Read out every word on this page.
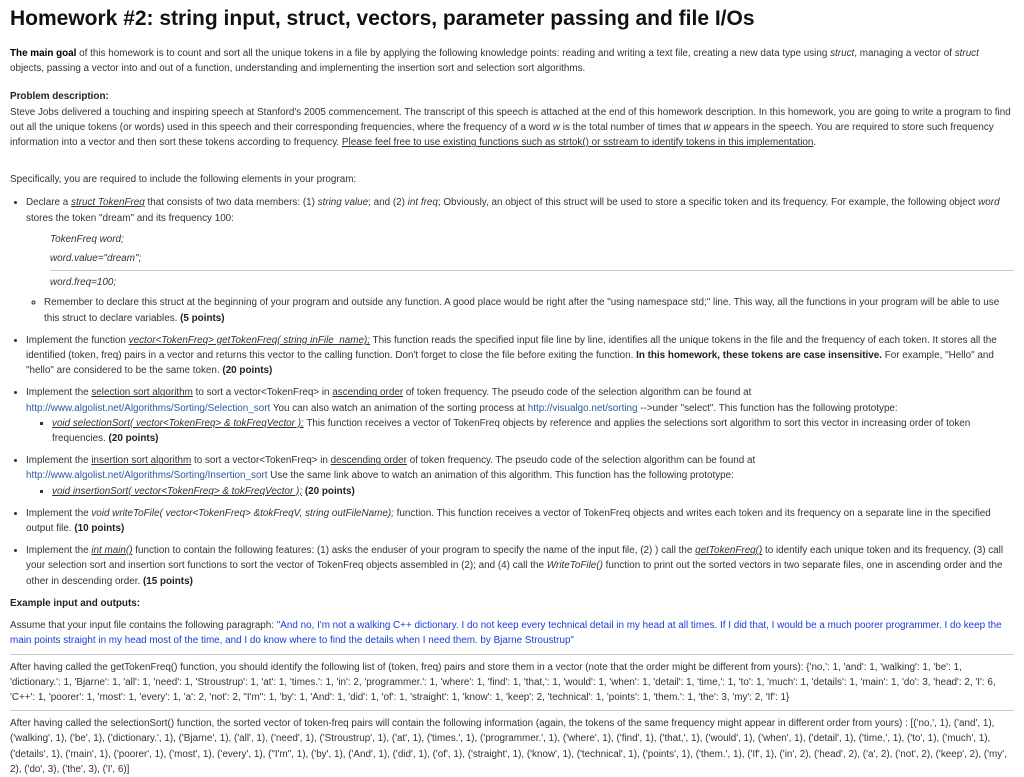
Homework #2: string input, struct, vectors, parameter passing and file I/Os

The main goal of this homework is to count and sort all the unique tokens in a file by applying the following knowledge points: reading and writing a text file, creating a new data type using struct, managing a vector of struct objects, passing a vector into and out of a function, understanding and implementing the insertion sort and selection sort algorithms.

Problem description:

Steve Jobs delivered a touching and inspiring speech at Stanford's 2005 commencement. The transcript of this speech is attached at the end of this homework description. In this homework, you are going to write a program to find out all the unique tokens (or words) used in this speech and their corresponding frequencies, where the frequency of a word w is the total number of times that w appears in the speech. You are required to store such frequency information into a vector and then sort these tokens according to frequency. Please feel free to use existing functions such as strtok() or sstream to identify tokens in this implementation.

Specifically, you are required to include the following elements in your program:

• Declare a struct TokenFreq that consists of two data members: (1) string value; and (2) int freq; Obviously, an object of this struct will be used to store a specific token and its frequency. For example, the following object word stores the token "dream" and its frequency 100:

TokenFreq word;

word.value="dream";

word.freq=100;

◦ Remember to declare this struct at the beginning of your program and outside any function. A good place would be right after the "using namespace std;" line. This way, all the functions in your program will be able to use this struct to declare variables. (5 points)
• Implement the function vector<TokenFreq> getTokenFreq( string inFile_name); This function reads the specified input file line by line, identifies all the unique tokens in the file and the frequency of each token. It stores all the identified (token, freq) pairs in a vector and returns this vector to the calling function. Don't forget to close the file before exiting the function. In this homework, these tokens are case insensitive. For example, "Hello" and "hello" are considered to be the same token. (20 points)
• Implement the selection sort algorithm to sort a vector<TokenFreq> in ascending order of token frequency. The pseudo code of the selection algorithm can be found at
http://www.algolist.net/Algorithms/Sorting/Selection_sort You can also watch an animation of the sorting process at http://visualgo.net/sorting -->under "select". This function has the following prototype:
▪ void selectionSort( vector<TokenFreq> & tokFreqVector ); This function receives a vector of TokenFreq objects by reference and applies the selections sort algorithm to sort this vector in increasing order of token frequencies. (20 points)
• Implement the insertion sort algorithm to sort a vector<TokenFreq> in descending order of token frequency. The pseudo code of the selection algorithm can be found at
http://www.algolist.net/Algorithms/Sorting/Insertion_sort Use the same link above to watch an animation of this algorithm. This function has the following prototype:
▪ void insertionSort( vector<TokenFreq> & tokFreqVector ); (20 points)
• Implement the void writeToFile( vector<TokenFreq> &tokFreqV, string outFileName); function. This function receives a vector of TokenFreq objects and writes each token and its frequency on a separate line in the specified output file. (10 points)
• Implement the int main() function to contain the following features: (1) asks the enduser of your program to specify the name of the input file, (2) ) call the getTokenFreq() to identify each unique token and its frequency, (3) call your selection sort and insertion sort functions to sort the vector of TokenFreq objects assembled in (2); and (4) call the WriteToFile() function to print out the sorted vectors in two separate files, one in ascending order and the other in descending order. (15 points)

Example input and outputs:

Assume that your input file contains the following paragraph: "And no, I'm not a walking C++ dictionary. I do not keep every technical detail in my head at all times. If I did that, I would be a much poorer programmer. I do keep the main points straight in my head most of the time, and I do know where to find the details when I need them. by Bjarne Stroustrup"

After having called the getTokenFreq() function, you should identify the following list of (token, freq) pairs and store them in a vector (note that the order might be different from yours): {'no,': 1, 'and': 1, 'walking': 1, 'be': 1, 'dictionary.': 1, 'Bjarne': 1, 'all': 1, 'need': 1, 'Stroustrup': 1, 'at': 1, 'times.': 1, 'in': 2, 'programmer.': 1, 'where': 1, 'find': 1, 'that,': 1, 'would': 1, 'when': 1, 'detail': 1, 'time,': 1, 'to': 1, 'much': 1, 'details': 1, 'main': 1, 'do': 3, 'head': 2, 'I': 6, 'C++': 1, 'poorer': 1, 'most': 1, 'every': 1, 'a': 2, 'not': 2, "I'm": 1, 'by': 1, 'And': 1, 'did': 1, 'of': 1, 'straight': 1, 'know': 1, 'keep': 2, 'technical': 1, 'points': 1, 'them.': 1, 'the': 3, 'my': 2, 'If': 1}

After having called the selectionSort() function, the sorted vector of token-freq pairs will contain the following information (again, the tokens of the same frequency might appear in different order from yours) : [('no,', 1), ('and', 1), ('walking', 1), ('be', 1), ('dictionary.', 1), ('Bjarne', 1), ('all', 1), ('need', 1), ('Stroustrup', 1), ('at', 1), ('times.', 1), ('programmer.', 1), ('where', 1), ('find', 1), ('that,', 1), ('would', 1), ('when', 1), ('detail', 1), ('time,', 1), ('to', 1), ('much', 1), ('details', 1), ('main', 1), ('poorer', 1), ('most', 1), ('every', 1), ("I'm", 1), ('by', 1), ('And', 1), ('did', 1), ('of', 1), ('straight', 1), ('know', 1), ('technical', 1), ('points', 1), ('them.', 1), ('If', 1), ('in', 2), ('head', 2), ('a', 2), ('not', 2), ('keep', 2), ('my', 2), ('do', 3), ('the', 3), ('I', 6)]
